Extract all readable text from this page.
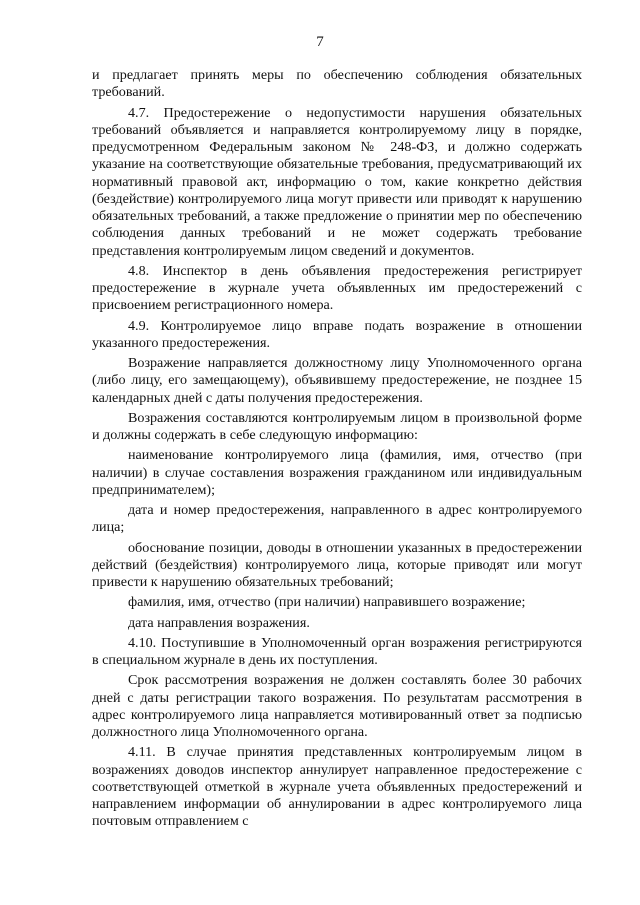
7

и предлагает принять меры по обеспечению соблюдения обязательных требований.

4.7. Предостережение о недопустимости нарушения обязательных требований объявляется и направляется контролируемому лицу в порядке, предусмотренном Федеральным законом № 248-ФЗ, и должно содержать указание на соответствующие обязательные требования, предусматривающий их нормативный правовой акт, информацию о том, какие конкретно действия (бездействие) контролируемого лица могут привести или приводят к нарушению обязательных требований, а также предложение о принятии мер по обеспечению соблюдения данных требований и не может содержать требование представления контролируемым лицом сведений и документов.

4.8. Инспектор в день объявления предостережения регистрирует предостережение в журнале учета объявленных им предостережений с присвоением регистрационного номера.

4.9. Контролируемое лицо вправе подать возражение в отношении указанного предостережения.

Возражение направляется должностному лицу Уполномоченного органа (либо лицу, его замещающему), объявившему предостережение, не позднее 15 календарных дней с даты получения предостережения.

Возражения составляются контролируемым лицом в произвольной форме и должны содержать в себе следующую информацию:

наименование контролируемого лица (фамилия, имя, отчество (при наличии) в случае составления возражения гражданином или индивидуальным предпринимателем);

дата и номер предостережения, направленного в адрес контролируемого лица;

обоснование позиции, доводы в отношении указанных в предостережении действий (бездействия) контролируемого лица, которые приводят или могут привести к нарушению обязательных требований;

фамилия, имя, отчество (при наличии) направившего возражение;

дата направления возражения.

4.10. Поступившие в Уполномоченный орган возражения регистрируются в специальном журнале в день их поступления.

Срок рассмотрения возражения не должен составлять более 30 рабочих дней с даты регистрации такого возражения. По результатам рассмотрения в адрес контролируемого лица направляется мотивированный ответ за подписью должностного лица Уполномоченного органа.

4.11. В случае принятия представленных контролируемым лицом в возражениях доводов инспектор аннулирует направленное предостережение с соответствующей отметкой в журнале учета объявленных предостережений и направлением информации об аннулировании в адрес контролируемого лица почтовым отправлением с
